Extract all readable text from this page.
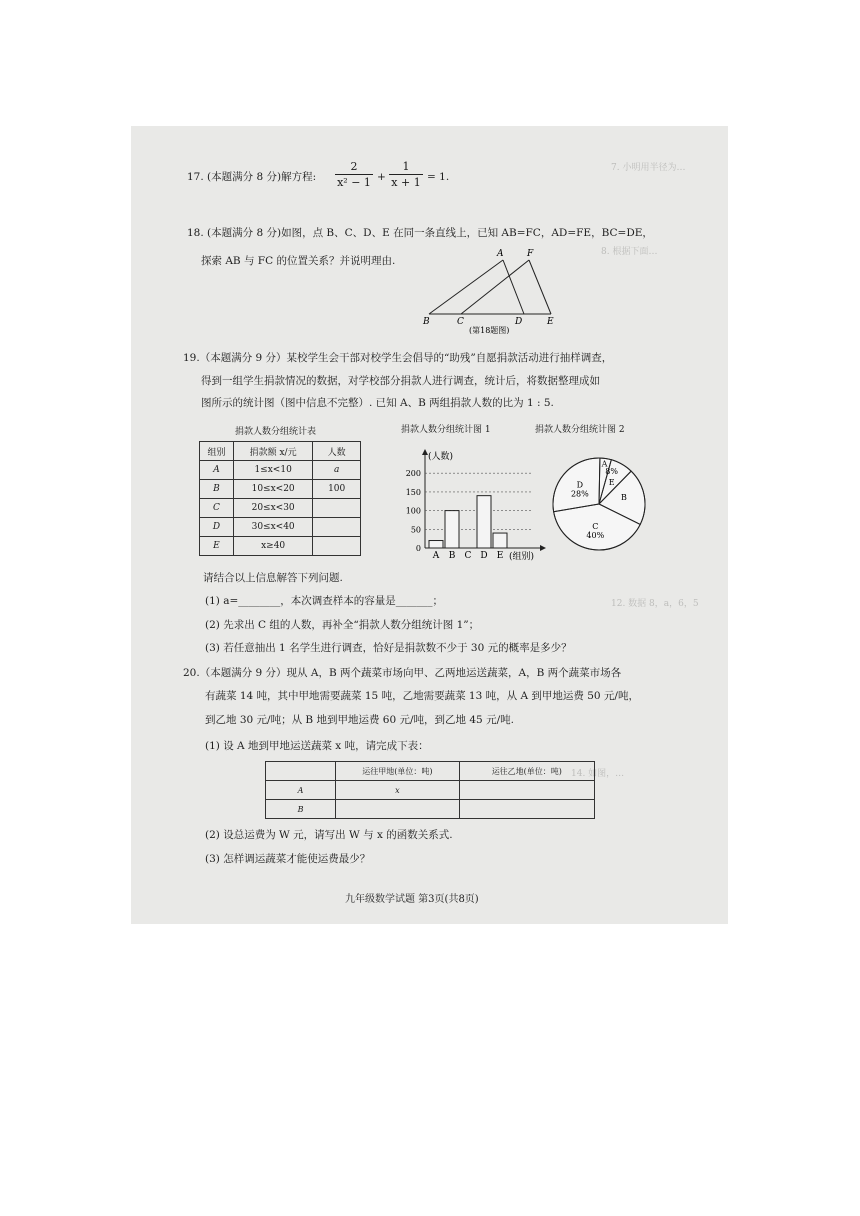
7. 小明用半径为…
8. 根据下面…
12. 数据 8，a，6，5
14. 如图，…
17. (本题满分 8 分)解方程:
2
x² − 1 +
1
x + 1 = 1.
18. (本题满分 8 分)如图，点 B、C、D、E 在同一条直线上，已知 AB=FC，AD=FE，BC=DE，
探索 AB 与 FC 的位置关系？并说明理由.
A	F
B	C	D	E
(第18题图)
19.（本题满分 9 分）某校学生会干部对校学生会倡导的“助残”自愿捐款活动进行抽样调查，
得到一组学生捐款情况的数据，对学校部分捐款人进行调查，统计后，将数据整理成如
图所示的统计图（图中信息不完整）. 已知 A、B 两组捐款人数的比为 1 : 5.
捐款人数分组统计表
组别	捐款额 x/元	人数
A	1≤x<10	a
B	10≤x<20	100
C	20≤x<30	
D	30≤x<40	
E	x≥40	
捐款人数分组统计图 1	捐款人数分组统计图 2
(人数)
0
50
100
150
200
A B C D E (组别)
A
8%
E
B
C
40%
D
28%
请结合以上信息解答下列问题.
(1) a=________，本次调查样本的容量是_______；
(2) 先求出 C 组的人数，再补全“捐款人数分组统计图 1”；
(3) 若任意抽出 1 名学生进行调查，恰好是捐款数不少于 30 元的概率是多少？
20.（本题满分 9 分）现从 A，B 两个蔬菜市场向甲、乙两地运送蔬菜，A，B 两个蔬菜市场各
有蔬菜 14 吨，其中甲地需要蔬菜 15 吨，乙地需要蔬菜 13 吨，从 A 到甲地运费 50 元/吨，
到乙地 30 元/吨；从 B 地到甲地运费 60 元/吨，到乙地 45 元/吨.
(1) 设 A 地到甲地运送蔬菜 x 吨，请完成下表：
	运往甲地(单位：吨)	运往乙地(单位：吨)
A	x	
B		
(2) 设总运费为 W 元，请写出 W 与 x 的函数关系式.
(3) 怎样调运蔬菜才能使运费最少？
九年级数学试题 第3页(共8页)
